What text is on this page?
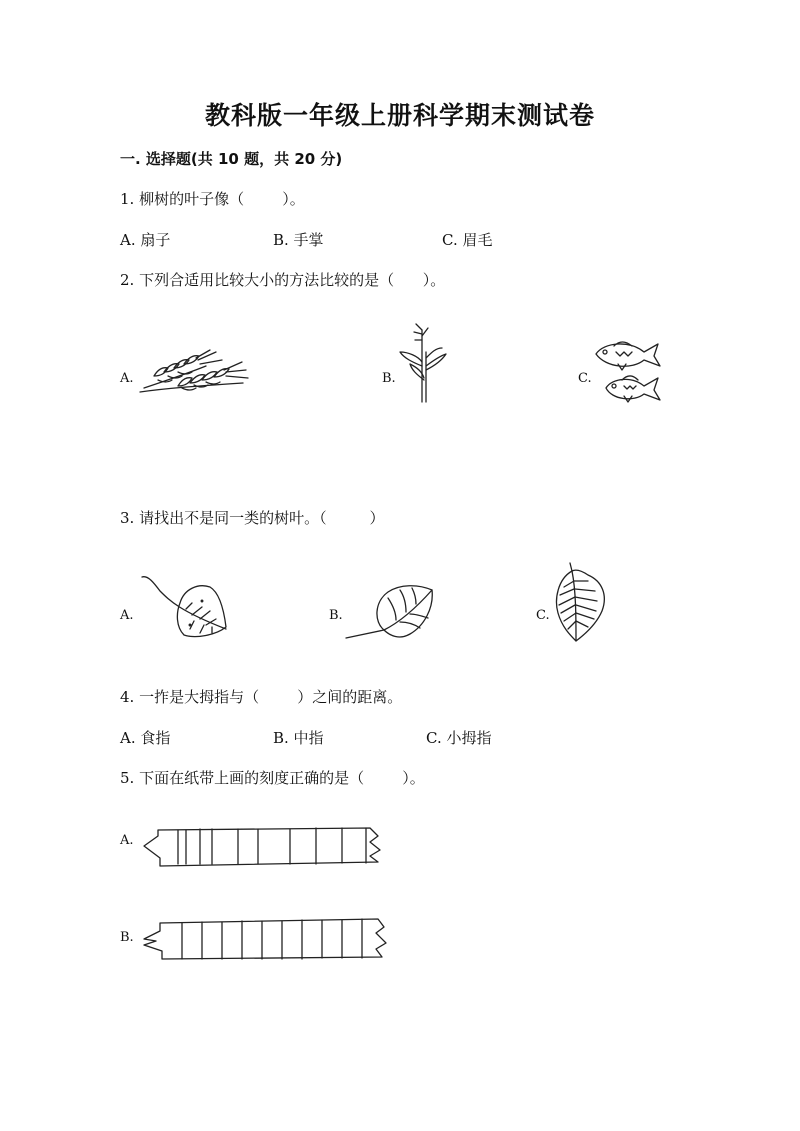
教科版一年级上册科学期末测试卷
一. 选择题(共 10 题，共 20 分)
1. 柳树的叶子像（        ）。
A. 扇子	B. 手掌	C. 眉毛
2. 下列合适用比较大小的方法比较的是（      ）。
A.	B.	C.
3. 请找出不是同一类的树叶。（         ）
A.	B.	C.
4. 一拃是大拇指与（        ）之间的距离。
A. 食指	B. 中指	C. 小拇指
5. 下面在纸带上画的刻度正确的是（        ）。
A.
B.
